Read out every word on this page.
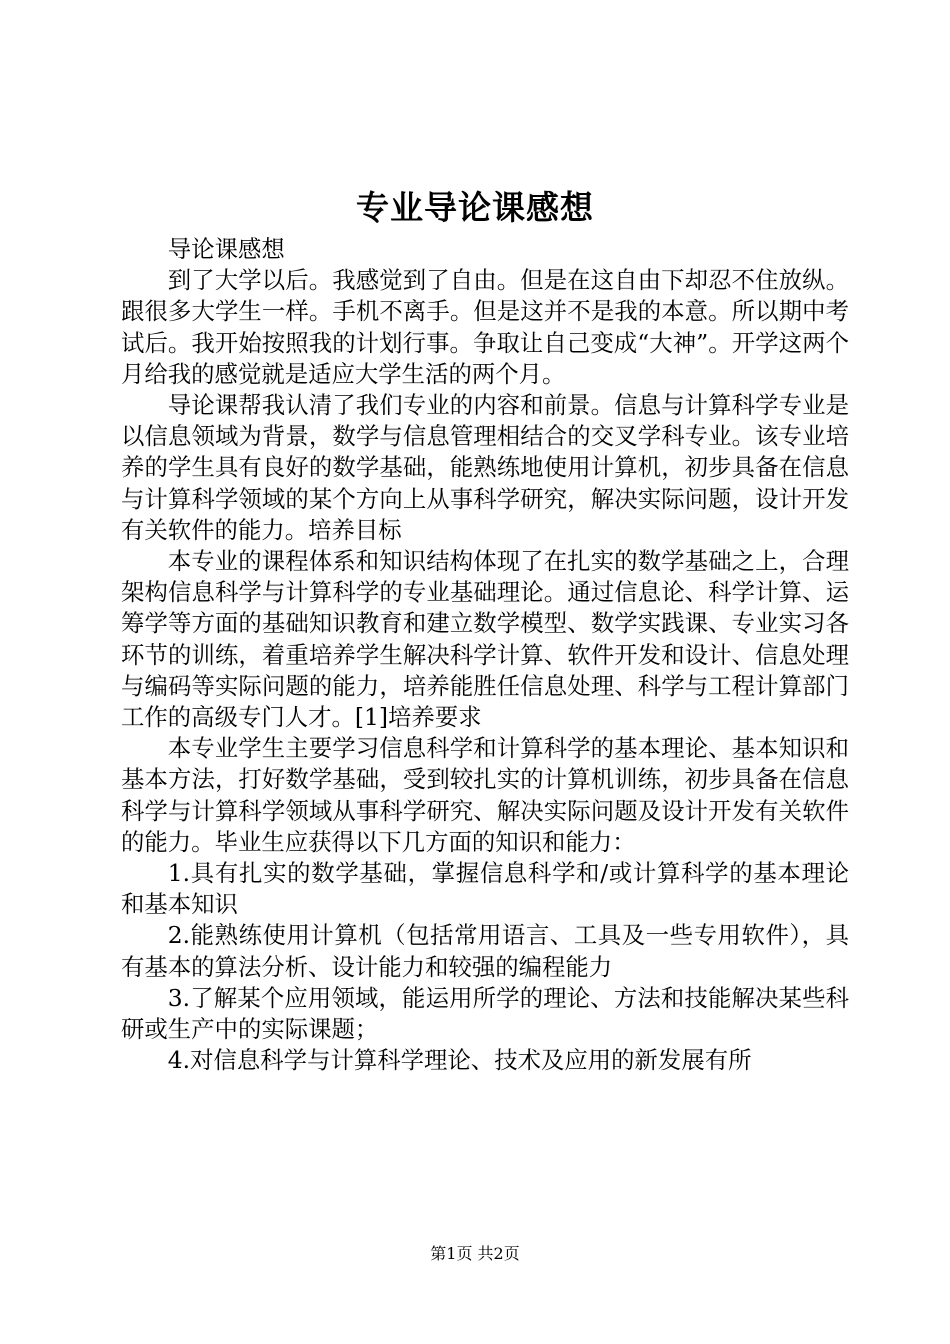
专业导论课感想

导论课感想

到了大学以后。我感觉到了自由。但是在这自由下却忍不住放纵。跟很多大学生一样。手机不离手。但是这并不是我的本意。所以期中考试后。我开始按照我的计划行事。争取让自己变成“大神”。开学这两个月给我的感觉就是适应大学生活的两个月。

导论课帮我认清了我们专业的内容和前景。信息与计算科学专业是以信息领域为背景，数学与信息管理相结合的交叉学科专业。该专业培养的学生具有良好的数学基础，能熟练地使用计算机，初步具备在信息与计算科学领域的某个方向上从事科学研究，解决实际问题，设计开发有关软件的能力。培养目标

本专业的课程体系和知识结构体现了在扎实的数学基础之上，合理架构信息科学与计算科学的专业基础理论。通过信息论、科学计算、运筹学等方面的基础知识教育和建立数学模型、数学实践课、专业实习各环节的训练，着重培养学生解决科学计算、软件开发和设计、信息处理与编码等实际问题的能力，培养能胜任信息处理、科学与工程计算部门工作的高级专门人才。[1]培养要求

本专业学生主要学习信息科学和计算科学的基本理论、基本知识和基本方法，打好数学基础，受到较扎实的计算机训练，初步具备在信息科学与计算科学领域从事科学研究、解决实际问题及设计开发有关软件的能力。毕业生应获得以下几方面的知识和能力：

1.具有扎实的数学基础，掌握信息科学和/或计算科学的基本理论和基本知识

2.能熟练使用计算机（包括常用语言、工具及一些专用软件），具有基本的算法分析、设计能力和较强的编程能力

3.了解某个应用领域，能运用所学的理论、方法和技能解决某些科研或生产中的实际课题；

4.对信息科学与计算科学理论、技术及应用的新发展有所

第1页 共2页
